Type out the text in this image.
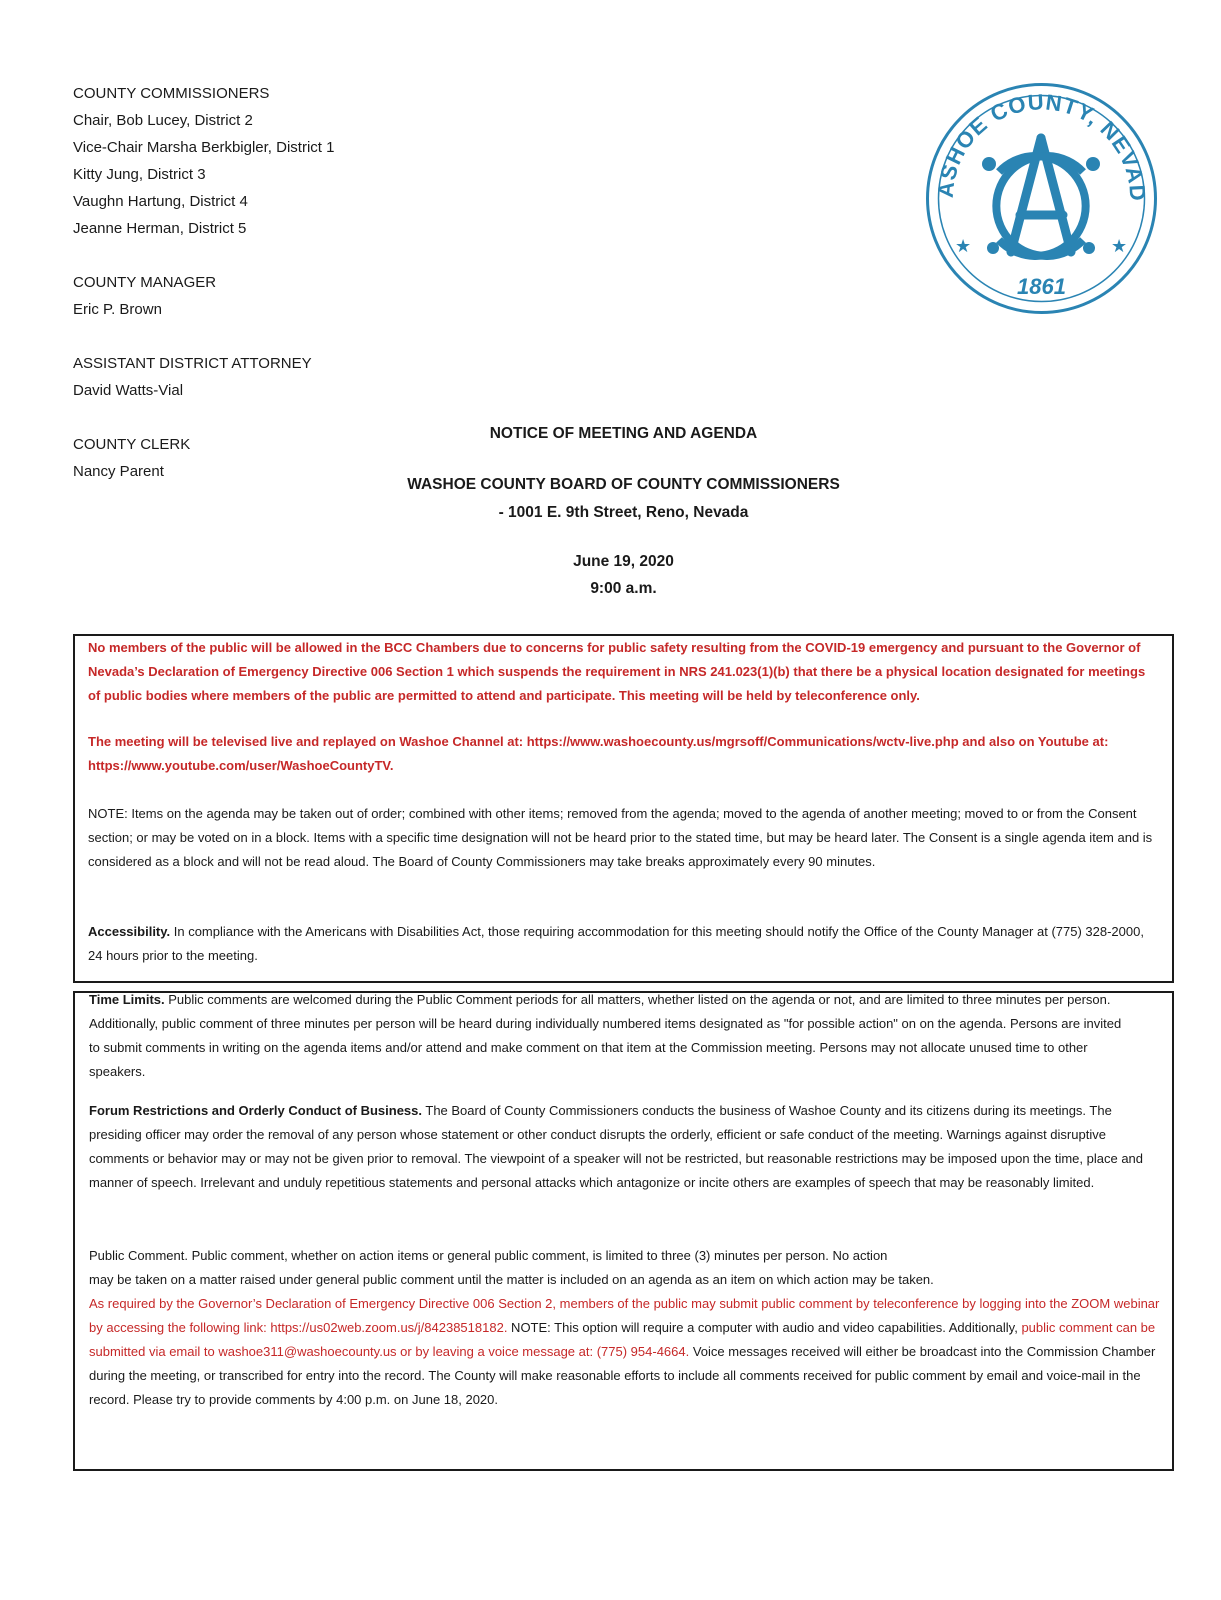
COUNTY COMMISSIONERS
Chair, Bob Lucey, District 2
Vice-Chair Marsha Berkbigler, District 1
Kitty Jung, District 3
Vaughn Hartung, District 4
Jeanne Herman, District 5
COUNTY MANAGER
Eric P. Brown
ASSISTANT DISTRICT ATTORNEY
David Watts-Vial
COUNTY CLERK
Nancy Parent
ASHOE COUNTY, NEVAD
★	★
1861
NOTICE OF MEETING AND AGENDA
WASHOE COUNTY BOARD OF COUNTY COMMISSIONERS
- 1001 E. 9th Street, Reno, Nevada
June 19, 2020
9:00 a.m.

No members of the public will be allowed in the BCC Chambers due to concerns for public safety resulting from the COVID-19 emergency and pursuant to the Governor of Nevada’s Declaration of Emergency Directive 006 Section 1 which suspends the requirement in NRS 241.023(1)(b) that there be a physical location designated for meetings of public bodies where members of the public are permitted to attend and participate. This meeting will be held by teleconference only.

The meeting will be televised live and replayed on Washoe Channel at: https://www.washoecounty.us/mgrsoff/Communications/wctv-live.php and also on Youtube at: https://www.youtube.com/user/WashoeCountyTV.

NOTE: Items on the agenda may be taken out of order; combined with other items; removed from the agenda; moved to the agenda of another meeting; moved to or from the Consent section; or may be voted on in a block. Items with a specific time designation will not be heard prior to the stated time, but may be heard later. The Consent is a single agenda item and is considered as a block and will not be read aloud. The Board of County Commissioners may take breaks approximately every 90 minutes.

Accessibility. In compliance with the Americans with Disabilities Act, those requiring accommodation for this meeting should notify the Office of the County Manager at (775) 328-2000, 24 hours prior to the meeting.

Time Limits. Public comments are welcomed during the Public Comment periods for all matters, whether listed on the agenda or not, and are limited to three minutes per person. Additionally, public comment of three minutes per person will be heard during individually numbered items designated as "for possible action" on on the agenda. Persons are invited to submit comments in writing on the agenda items and/or attend and make comment on that item at the Commission meeting. Persons may not allocate unused time to other speakers.

Forum Restrictions and Orderly Conduct of Business. The Board of County Commissioners conducts the business of Washoe County and its citizens during its meetings. The presiding officer may order the removal of any person whose statement or other conduct disrupts the orderly, efficient or safe conduct of the meeting. Warnings against disruptive comments or behavior may or may not be given prior to removal. The viewpoint of a speaker will not be restricted, but reasonable restrictions may be imposed upon the time, place and manner of speech. Irrelevant and unduly repetitious statements and personal attacks which antagonize or incite others are examples of speech that may be reasonably limited.

Public Comment. Public comment, whether on action items or general public comment, is limited to three (3) minutes per person. No action
may be taken on a matter raised under general public comment until the matter is included on an agenda as an item on which action may be taken.
As required by the Governor’s Declaration of Emergency Directive 006 Section 2, members of the public may submit public comment by teleconference by logging into the ZOOM webinar by accessing the following link: https://us02web.zoom.us/j/84238518182. NOTE: This option will require a computer with audio and video capabilities. Additionally, public comment can be submitted via email to washoe311@washoecounty.us or by leaving a voice message at: (775) 954-4664. Voice messages received will either be broadcast into the Commission Chamber during the meeting, or transcribed for entry into the record. The County will make reasonable efforts to include all comments received for public comment by email and voice-mail in the record. Please try to provide comments by 4:00 p.m. on June 18, 2020.
